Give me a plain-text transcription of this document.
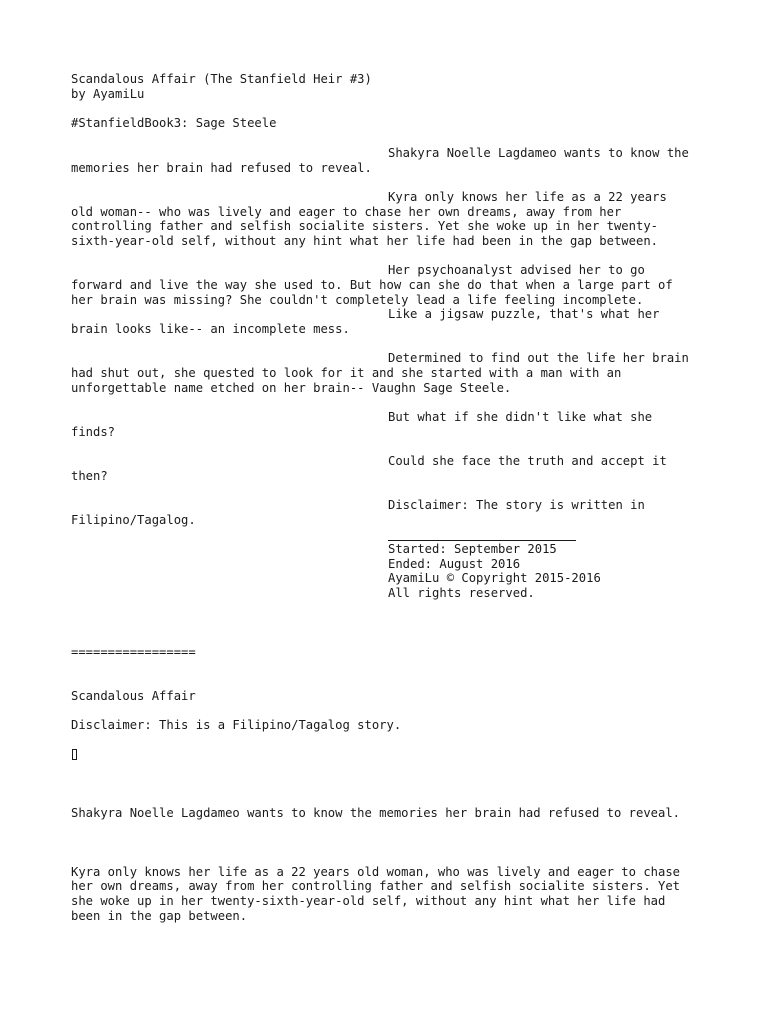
Scandalous Affair (The Stanfield Heir #3)
by AyamiLu
#StanfieldBook3: Sage Steele
Shakyra Noelle Lagdameo wants to know the
memories her brain had refused to reveal.
Kyra only knows her life as a 22 years
old woman-- who was lively and eager to chase her own dreams, away from her
controlling father and selfish socialite sisters. Yet she woke up in her twenty-
sixth-year-old self, without any hint what her life had been in the gap between.
Her psychoanalyst advised her to go
forward and live the way she used to. But how can she do that when a large part of
her brain was missing? She couldn't completely lead a life feeling incomplete.
Like a jigsaw puzzle, that's what her
brain looks like-- an incomplete mess.
Determined to find out the life her brain
had shut out, she quested to look for it and she started with a man with an
unforgettable name etched on her brain-- Vaughn Sage Steele.
But what if she didn't like what she
finds?
Could she face the truth and accept it
then?
Disclaimer: The story is written in
Filipino/Tagalog.
Started: September 2015
Ended: August 2016
AyamiLu © Copyright 2015-2016
All rights reserved.
=================
Scandalous Affair
Disclaimer: This is a Filipino/Tagalog story.
Shakyra Noelle Lagdameo wants to know the memories her brain had refused to reveal.
Kyra only knows her life as a 22 years old woman, who was lively and eager to chase
her own dreams, away from her controlling father and selfish socialite sisters. Yet
she woke up in her twenty-sixth-year-old self, without any hint what her life had
been in the gap between.
